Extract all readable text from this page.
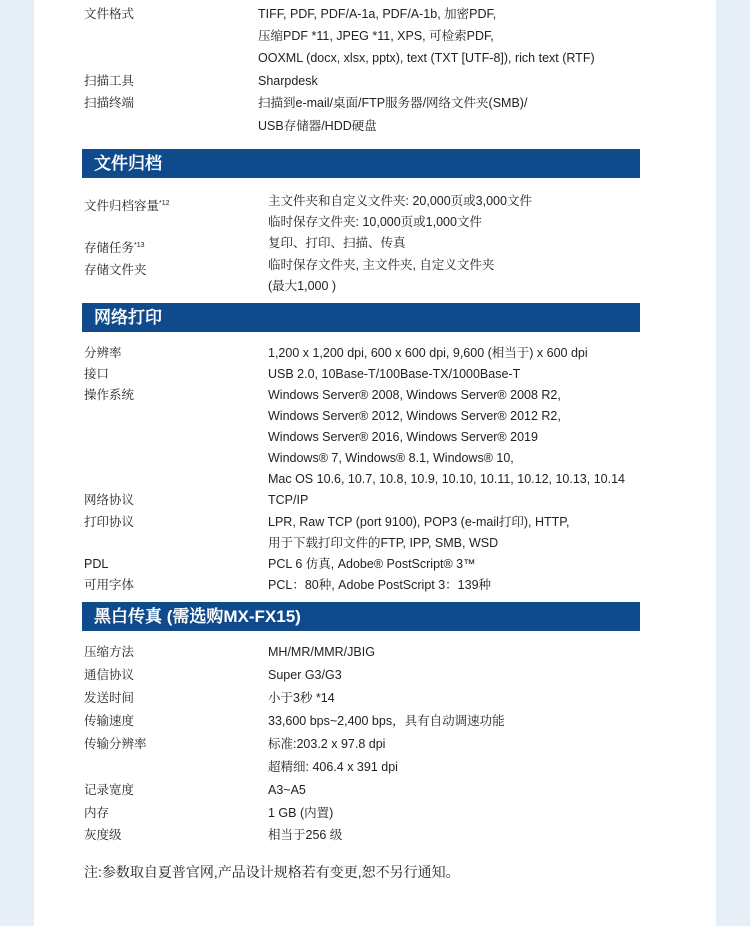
文件格式	TIFF, PDF, PDF/A-1a, PDF/A-1b, 加密PDF,
压缩PDF *11, JPEG *11, XPS, 可检索PDF,
OOXML (docx, xlsx, pptx), text (TXT [UTF-8]), rich text (RTF)
扫描工具	Sharpdesk
扫描终端	扫描到e-mail/桌面/FTP服务器/网络文件夹(SMB)/
USB存储器/HDD硬盘
文件归档
文件归档容量$^{*12}$	主文件夹和自定义文件夹: 20,000页或3,000文件
临时保存文件夹: 10,000页或1,000文件
存储任务$^{*13}$	复印、打印、扫描、传真
存储文件夹	临时保存文件夹, 主文件夹, 自定义文件夹
(最大1,000 )
网络打印
分辨率	1,200 x 1,200 dpi, 600 x 600 dpi, 9,600 (相当于) x 600 dpi
接口	USB 2.0, 10Base-T/100Base-TX/1000Base-T
操作系统	Windows Server® 2008, Windows Server® 2008 R2,
Windows Server® 2012, Windows Server® 2012 R2,
Windows Server® 2016, Windows Server® 2019
Windows® 7, Windows® 8.1, Windows® 10,
Mac OS 10.6, 10.7, 10.8, 10.9, 10.10, 10.11, 10.12, 10.13, 10.14
网络协议	TCP/IP
打印协议	LPR, Raw TCP (port 9100), POP3 (e-mail打印), HTTP,
用于下载打印文件的FTP, IPP, SMB, WSD
PDL	PCL 6 仿真, Adobe® PostScript® 3™
可用字体	PCL：80种, Adobe PostScript 3：139种
黑白传真 (需选购MX-FX15)
压缩方法	MH/MR/MMR/JBIG
通信协议	Super G3/G3
发送时间	小于3秒 *14
传输速度	33,600 bps~2,400 bps，具有自动调速功能
传输分辨率	标准:203.2 x 97.8 dpi
超精细: 406.4 x 391 dpi
记录宽度	A3~A5
内存	1 GB (内置)
灰度级	相当于256 级
注:参数取自夏普官网,产品设计规格若有变更,恕不另行通知。
